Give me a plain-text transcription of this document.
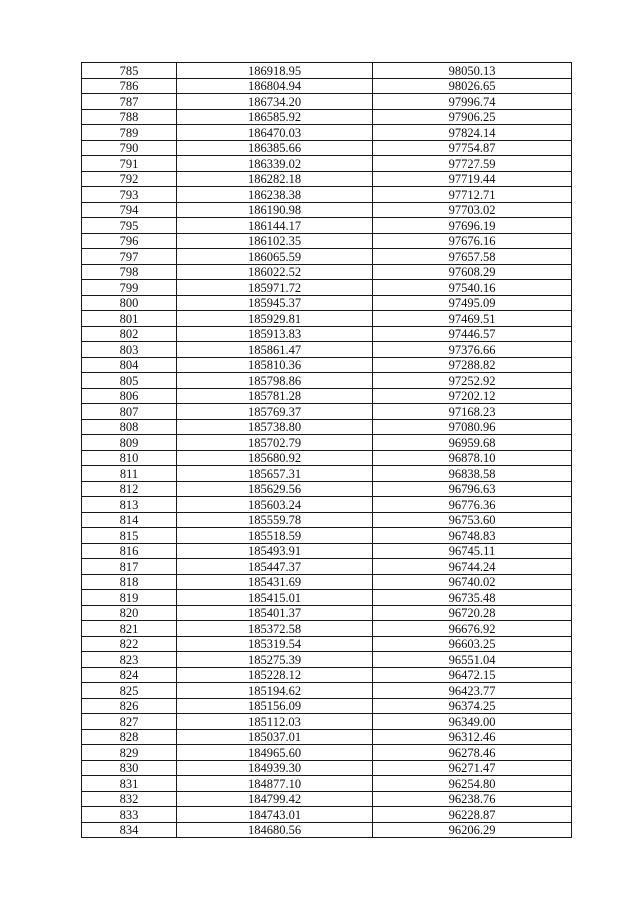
785	186918.95	98050.13
786	186804.94	98026.65
787	186734.20	97996.74
788	186585.92	97906.25
789	186470.03	97824.14
790	186385.66	97754.87
791	186339.02	97727.59
792	186282.18	97719.44
793	186238.38	97712.71
794	186190.98	97703.02
795	186144.17	97696.19
796	186102.35	97676.16
797	186065.59	97657.58
798	186022.52	97608.29
799	185971.72	97540.16
800	185945.37	97495.09
801	185929.81	97469.51
802	185913.83	97446.57
803	185861.47	97376.66
804	185810.36	97288.82
805	185798.86	97252.92
806	185781.28	97202.12
807	185769.37	97168.23
808	185738.80	97080.96
809	185702.79	96959.68
810	185680.92	96878.10
811	185657.31	96838.58
812	185629.56	96796.63
813	185603.24	96776.36
814	185559.78	96753.60
815	185518.59	96748.83
816	185493.91	96745.11
817	185447.37	96744.24
818	185431.69	96740.02
819	185415.01	96735.48
820	185401.37	96720.28
821	185372.58	96676.92
822	185319.54	96603.25
823	185275.39	96551.04
824	185228.12	96472.15
825	185194.62	96423.77
826	185156.09	96374.25
827	185112.03	96349.00
828	185037.01	96312.46
829	184965.60	96278.46
830	184939.30	96271.47
831	184877.10	96254.80
832	184799.42	96238.76
833	184743.01	96228.87
834	184680.56	96206.29
